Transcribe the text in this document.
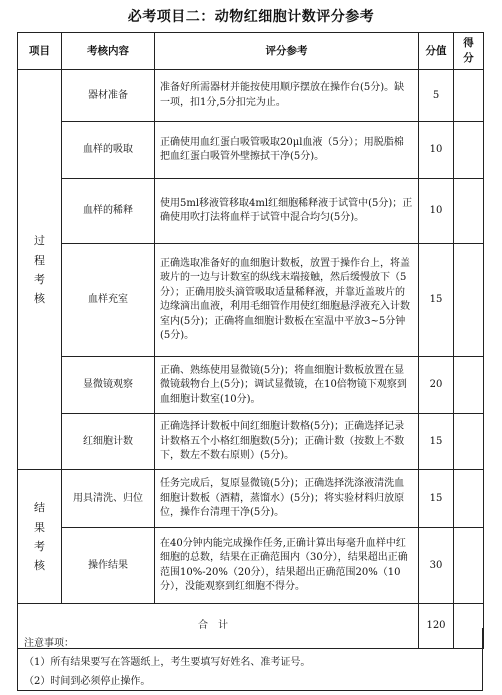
必考项目二：动物红细胞计数评分参考
项目	考核内容	评分参考	分值	得分
过程考核	器材准备	准备好所需器材并能按使用顺序摆放在操作台(5分)。缺一项，扣1分,5分扣完为止。	5	
	血样的吸取	正确使用血红蛋白吸管吸取20μl血液（5分）；用脱脂棉把血红蛋白吸管外壁擦拭干净(5分)。	10	
	血样的稀释	使用5ml移液管移取4ml红细胞稀释液于试管中(5分)；正确使用吹打法将血样于试管中混合均匀(5分)。	10	
	血样充室	正确选取准备好的血细胞计数板，放置于操作台上，将盖玻片的一边与计数室的纵线末端接触，然后缓慢放下（5分）；正确用胶头滴管吸取适量稀释液，并靠近盖玻片的边缘滴出血液，利用毛细管作用使红细胞悬浮液充入计数室内(5分)；正确将血细胞计数板在室温中平放3~5分钟(5分)。	15	
	显微镜观察	正确、熟练使用显微镜(5分)；将血细胞计数板放置在显微镜载物台上(5分)；调试显微镜，在10倍物镜下观察到血细胞计数室(10分)。	20	
	红细胞计数	正确选择计数板中间红细胞计数格(5分)；正确选择记录计数格五个小格红细胞数(5分)；正确计数（按数上不数下，数左不数右原则）(5分)。	15	
结果考核	用具清洗、归位	任务完成后，复原显微镜(5分)；正确选择洗涤液清洗血细胞计数板（酒精，蒸馏水）(5分)；将实验材料归放原位，操作台清理干净(5分)。	15	
	操作结果	在40分钟内能完成操作任务,正确计算出每毫升血样中红细胞的总数，结果在正确范围内（30分），结果超出正确范围10%-20%（20分），结果超出正确范围20%（10分），没能观察到红细胞不得分。	30	
合计			120	
注意事项：
（1）所有结果要写在答题纸上，考生要填写好姓名、准考证号。
（2）时间到必须停止操作。
